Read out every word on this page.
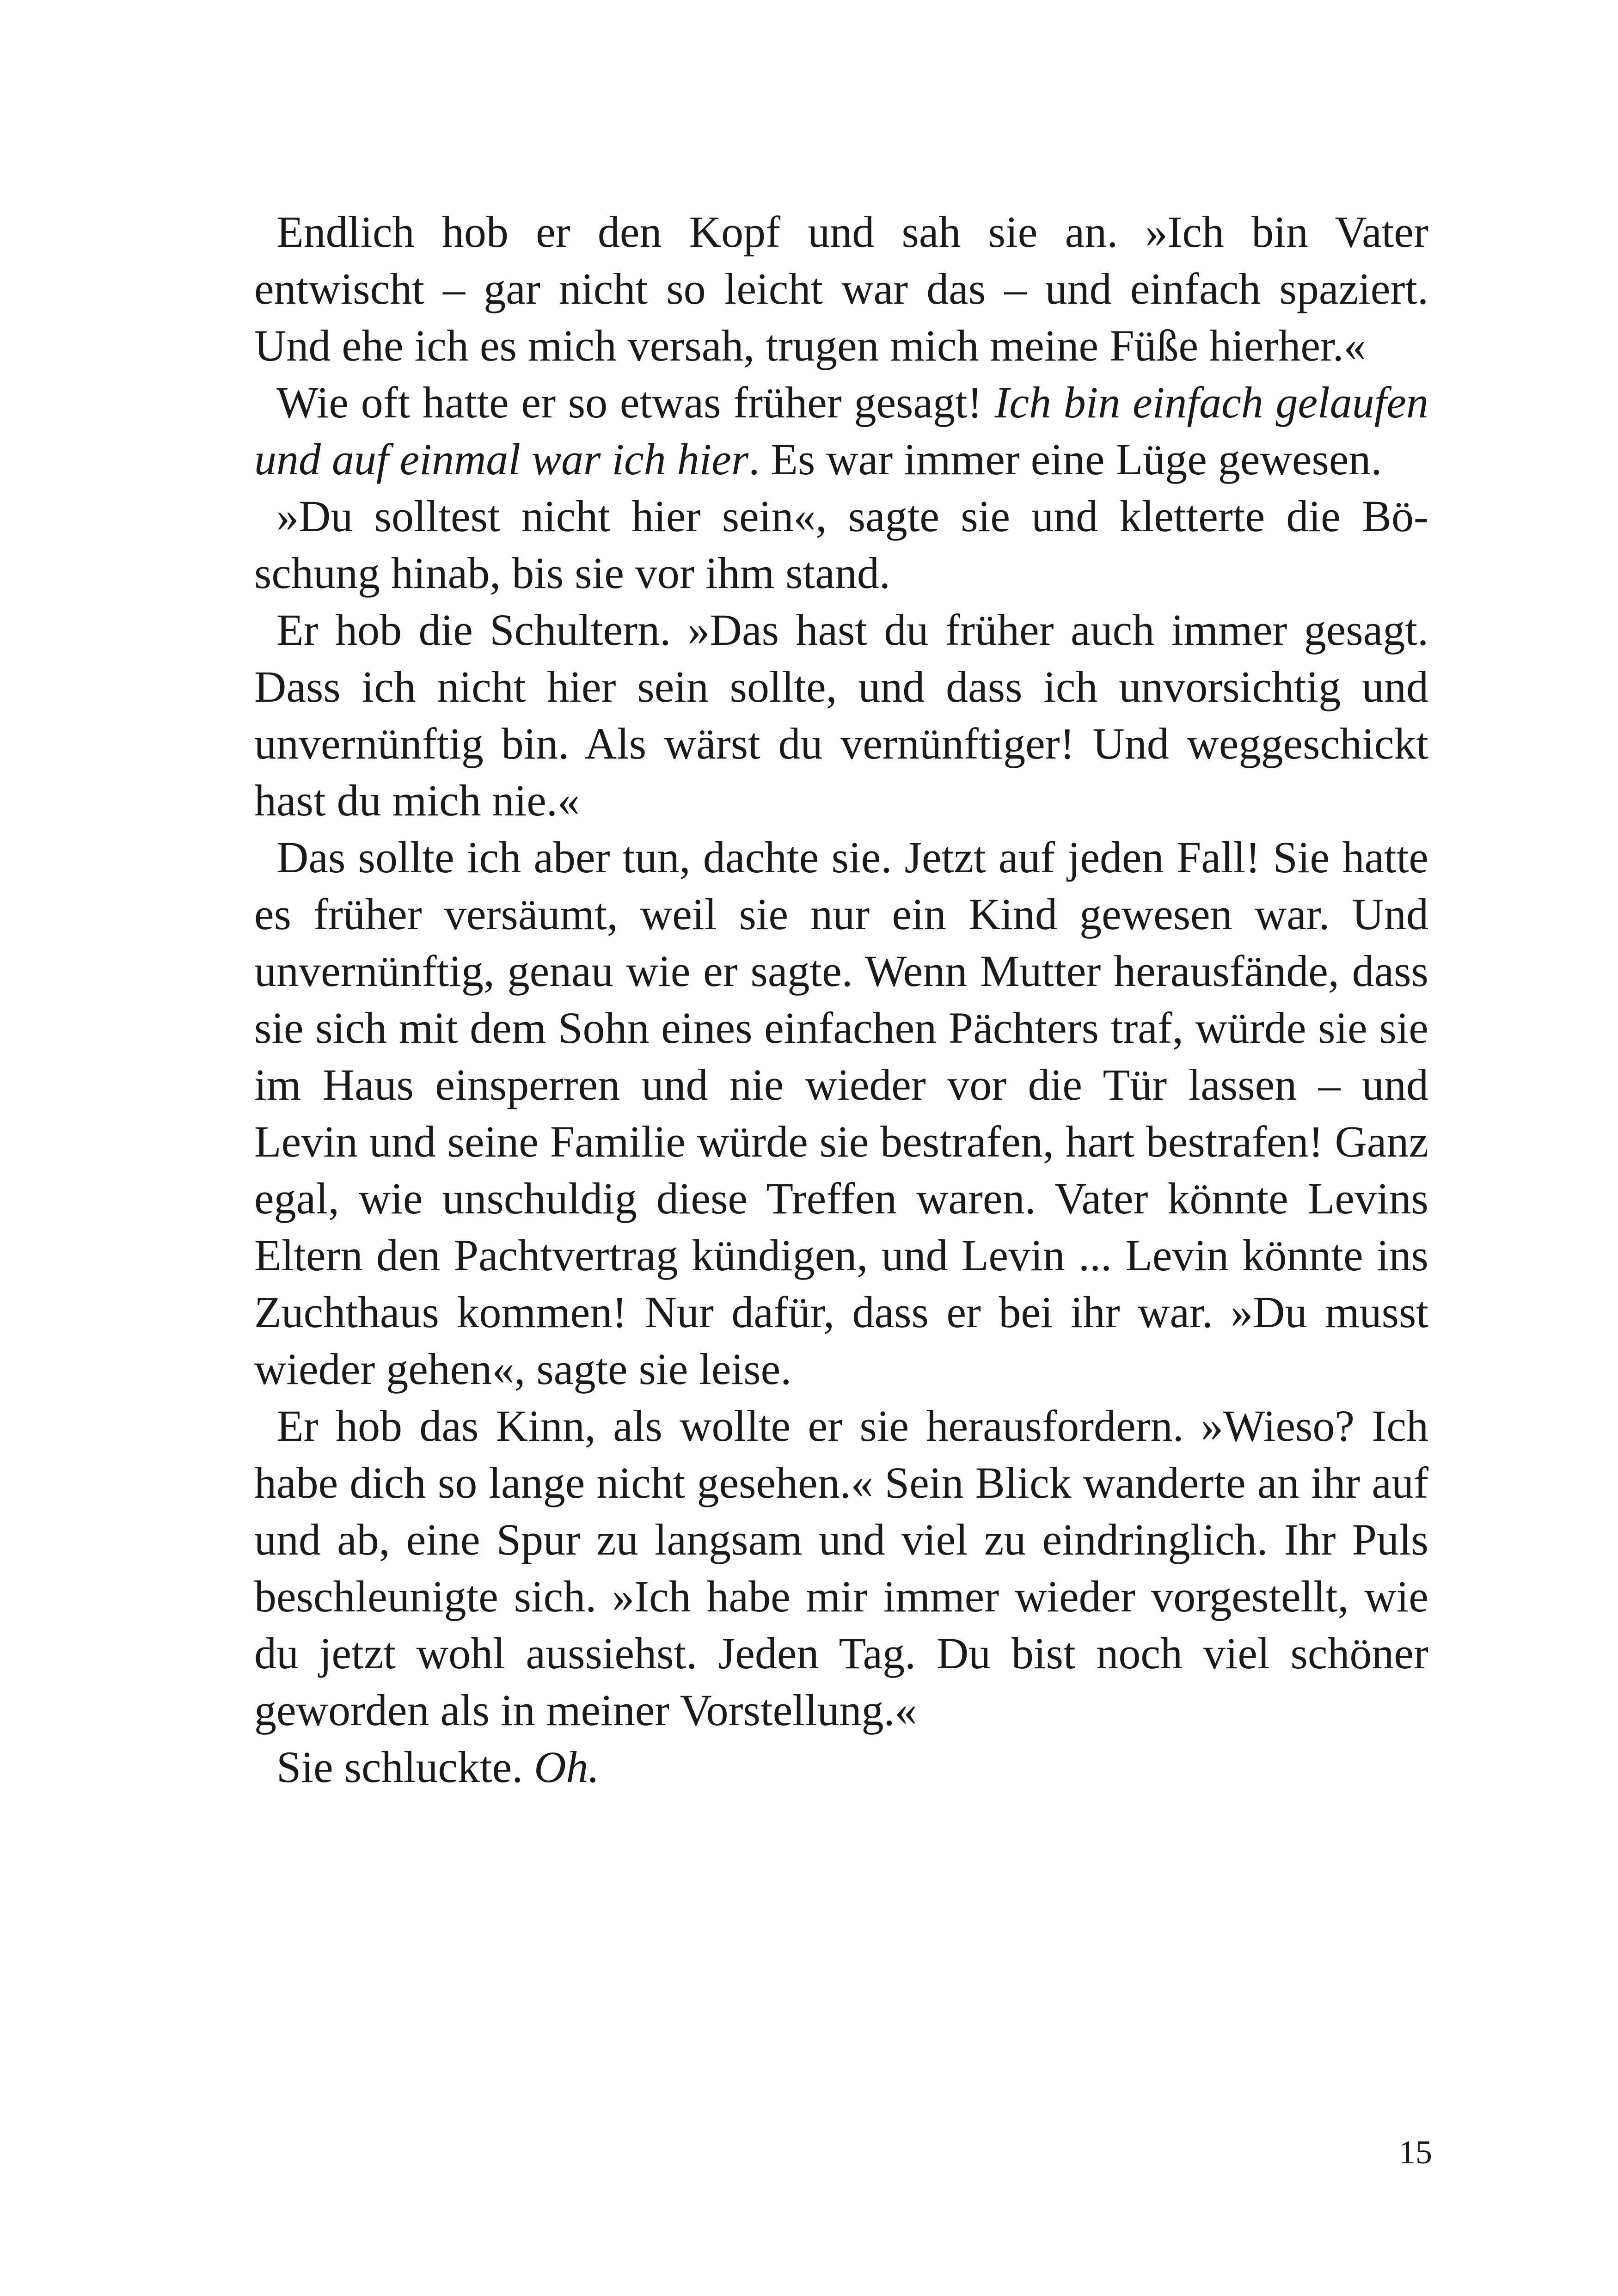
Endlich hob er den Kopf und sah sie an. »Ich bin Vater entwischt – gar nicht so leicht war das – und einfach spaziert. Und ehe ich es mich versah, trugen mich meine Füße hierher.«

Wie oft hatte er so etwas früher gesagt! Ich bin einfach gelaufen und auf einmal war ich hier. Es war immer eine Lüge gewesen.

»Du solltest nicht hier sein«, sagte sie und kletterte die Böschung hinab, bis sie vor ihm stand.

Er hob die Schultern. »Das hast du früher auch immer gesagt. Dass ich nicht hier sein sollte, und dass ich unvorsichtig und unvernünftig bin. Als wärst du vernünftiger! Und weggeschickt hast du mich nie.«

Das sollte ich aber tun, dachte sie. Jetzt auf jeden Fall! Sie hatte es früher versäumt, weil sie nur ein Kind gewesen war. Und unvernünftig, genau wie er sagte. Wenn Mutter herausfände, dass sie sich mit dem Sohn eines einfachen Pächters traf, würde sie sie im Haus einsperren und nie wieder vor die Tür lassen – und Levin und seine Familie würde sie bestrafen, hart bestrafen! Ganz egal, wie unschuldig diese Treffen waren. Vater könnte Levins Eltern den Pachtvertrag kündigen, und Levin ... Levin könnte ins Zuchthaus kommen! Nur dafür, dass er bei ihr war. »Du musst wieder gehen«, sagte sie leise.

Er hob das Kinn, als wollte er sie herausfordern. »Wieso? Ich habe dich so lange nicht gesehen.« Sein Blick wanderte an ihr auf und ab, eine Spur zu langsam und viel zu eindringlich. Ihr Puls beschleunigte sich. »Ich habe mir immer wieder vorgestellt, wie du jetzt wohl aussiehst. Jeden Tag. Du bist noch viel schöner geworden als in meiner Vorstellung.«

Sie schluckte. Oh.

15
